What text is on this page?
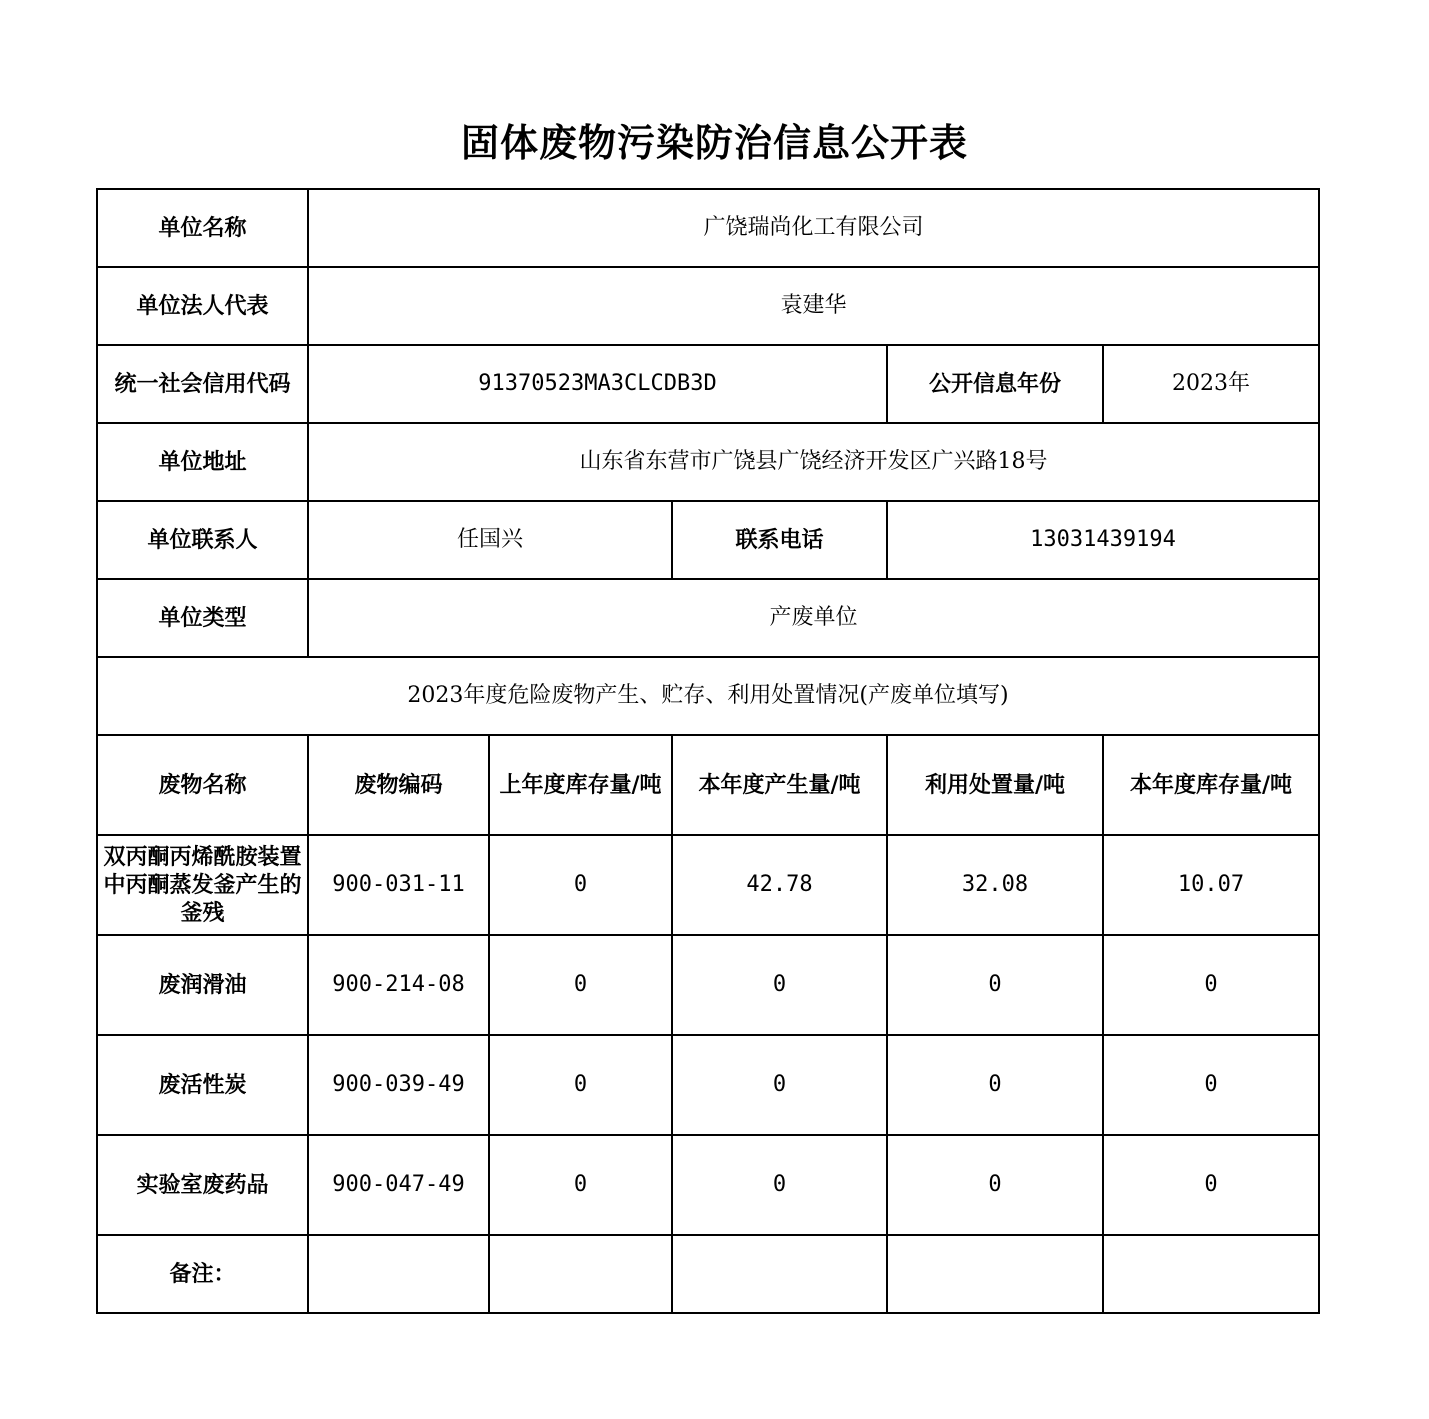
固体废物污染防治信息公开表
单位名称	广饶瑞尚化工有限公司				
单位法人代表	袁建华				
统一社会信用代码	91370523MA3CLCDB3D			公开信息年份	2023年
单位地址	山东省东营市广饶县广饶经济开发区广兴路18号				
单位联系人	任国兴		联系电话	13031439194	
单位类型	产废单位				
2023年度危险废物产生、贮存、利用处置情况(产废单位填写)					
废物名称	废物编码	上年度库存量/吨	本年度产生量/吨	利用处置量/吨	本年度库存量/吨
双丙酮丙烯酰胺装置中丙酮蒸发釜产生的釜残	900-031-11	0	42.78	32.08	10.07
废润滑油	900-214-08	0	0	0	0
废活性炭	900-039-49	0	0	0	0
实验室废药品	900-047-49	0	0	0	0
备注：					
